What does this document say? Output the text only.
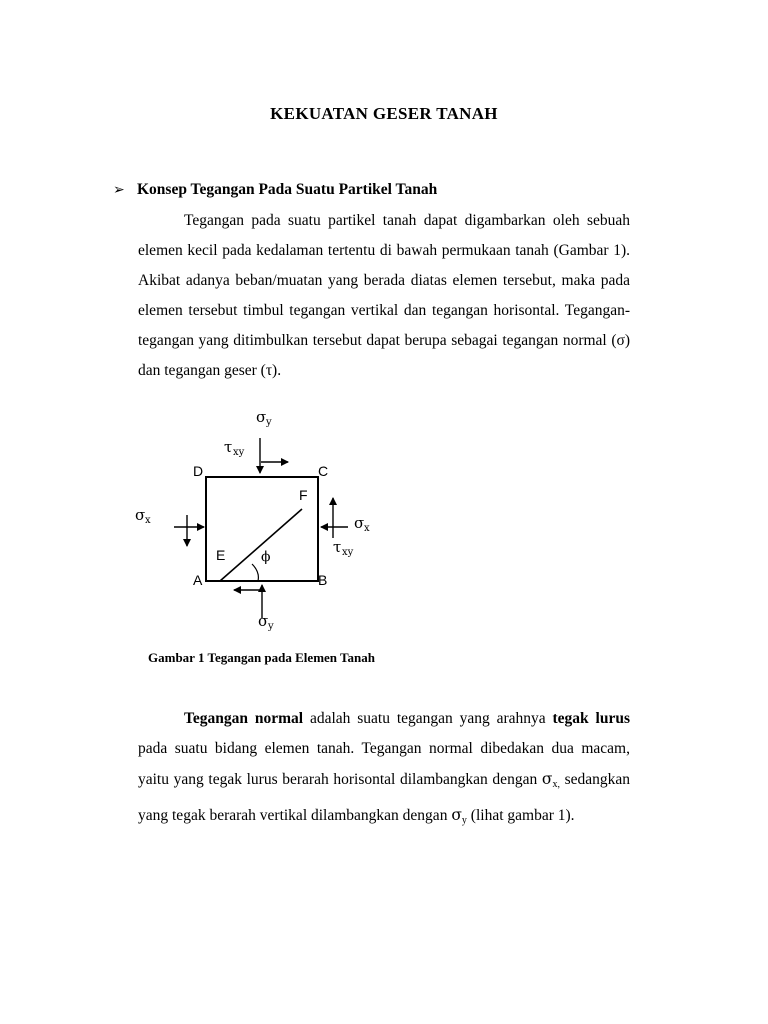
KEKUATAN GESER TANAH
➢ Konsep Tegangan Pada Suatu Partikel Tanah
Tegangan pada suatu partikel tanah dapat digambarkan oleh sebuah elemen kecil pada kedalaman tertentu di bawah permukaan tanah (Gambar 1). Akibat adanya beban/muatan yang berada diatas elemen tersebut, maka pada elemen tersebut timbul tegangan vertikal dan tegangan horisontal. Tegangan-tegangan yang ditimbulkan tersebut dapat berupa sebagai tegangan normal (σ) dan tegangan geser (τ).
D	C
A	B
F
E	ϕ
σ y
τ xy
σ x	σ x
τ xy
σ y
Gambar 1 Tegangan pada Elemen Tanah
Tegangan normal adalah suatu tegangan yang arahnya tegak lurus pada suatu bidang elemen tanah. Tegangan normal dibedakan dua macam, yaitu yang tegak lurus berarah horisontal dilambangkan dengan $\sigma_{x,}$ sedangkan yang tegak berarah vertikal dilambangkan dengan $\sigma_y$ (lihat gambar 1).
